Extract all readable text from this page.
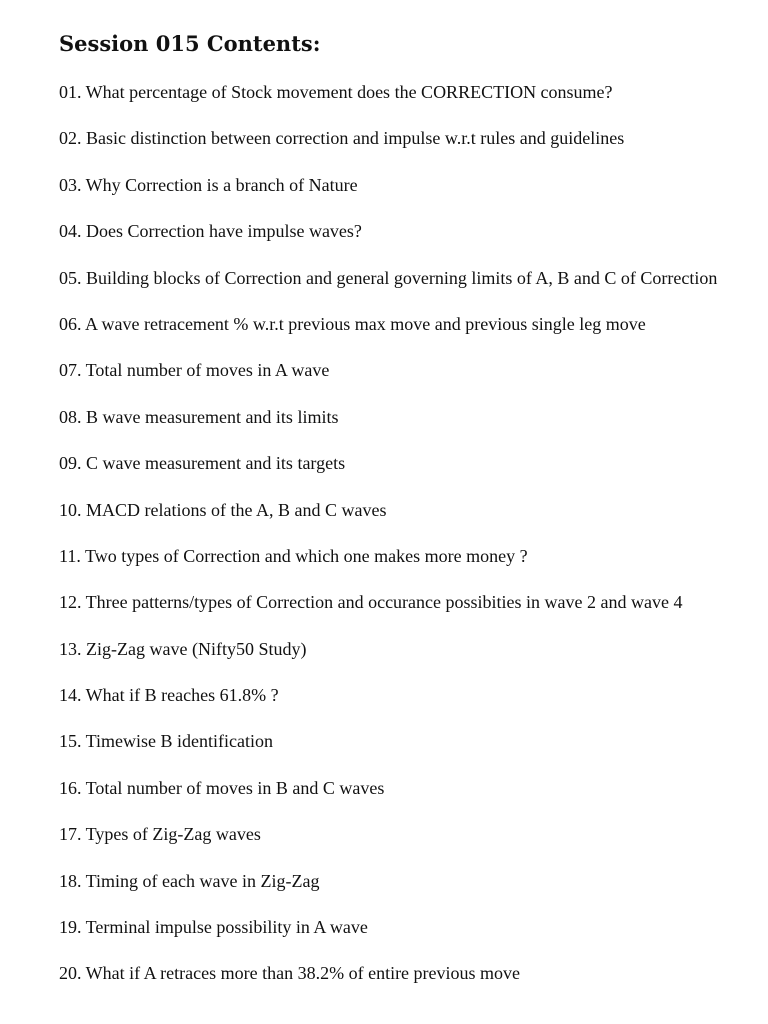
Session 015 Contents:
01. What percentage of Stock movement does the CORRECTION consume?
02. Basic distinction between correction and impulse w.r.t rules and guidelines
03. Why Correction is a branch of Nature
04. Does Correction have impulse waves?
05. Building blocks of Correction and general governing limits of A, B and C of Correction
06. A wave retracement % w.r.t previous max move and previous single leg move
07. Total number of moves in A wave
08. B wave measurement and its limits
09. C wave measurement and its targets
10. MACD relations of the A, B and C waves
11. Two types of Correction and which one makes more money ?
12. Three patterns/types of Correction and occurance possibities in wave 2 and wave 4
13. Zig-Zag wave (Nifty50 Study)
14. What if B reaches 61.8% ?
15. Timewise B identification
16. Total number of moves in B and C waves
17. Types of Zig-Zag waves
18. Timing of each wave in Zig-Zag
19. Terminal impulse possibility in A wave
20. What if A retraces more than 38.2% of entire previous move
